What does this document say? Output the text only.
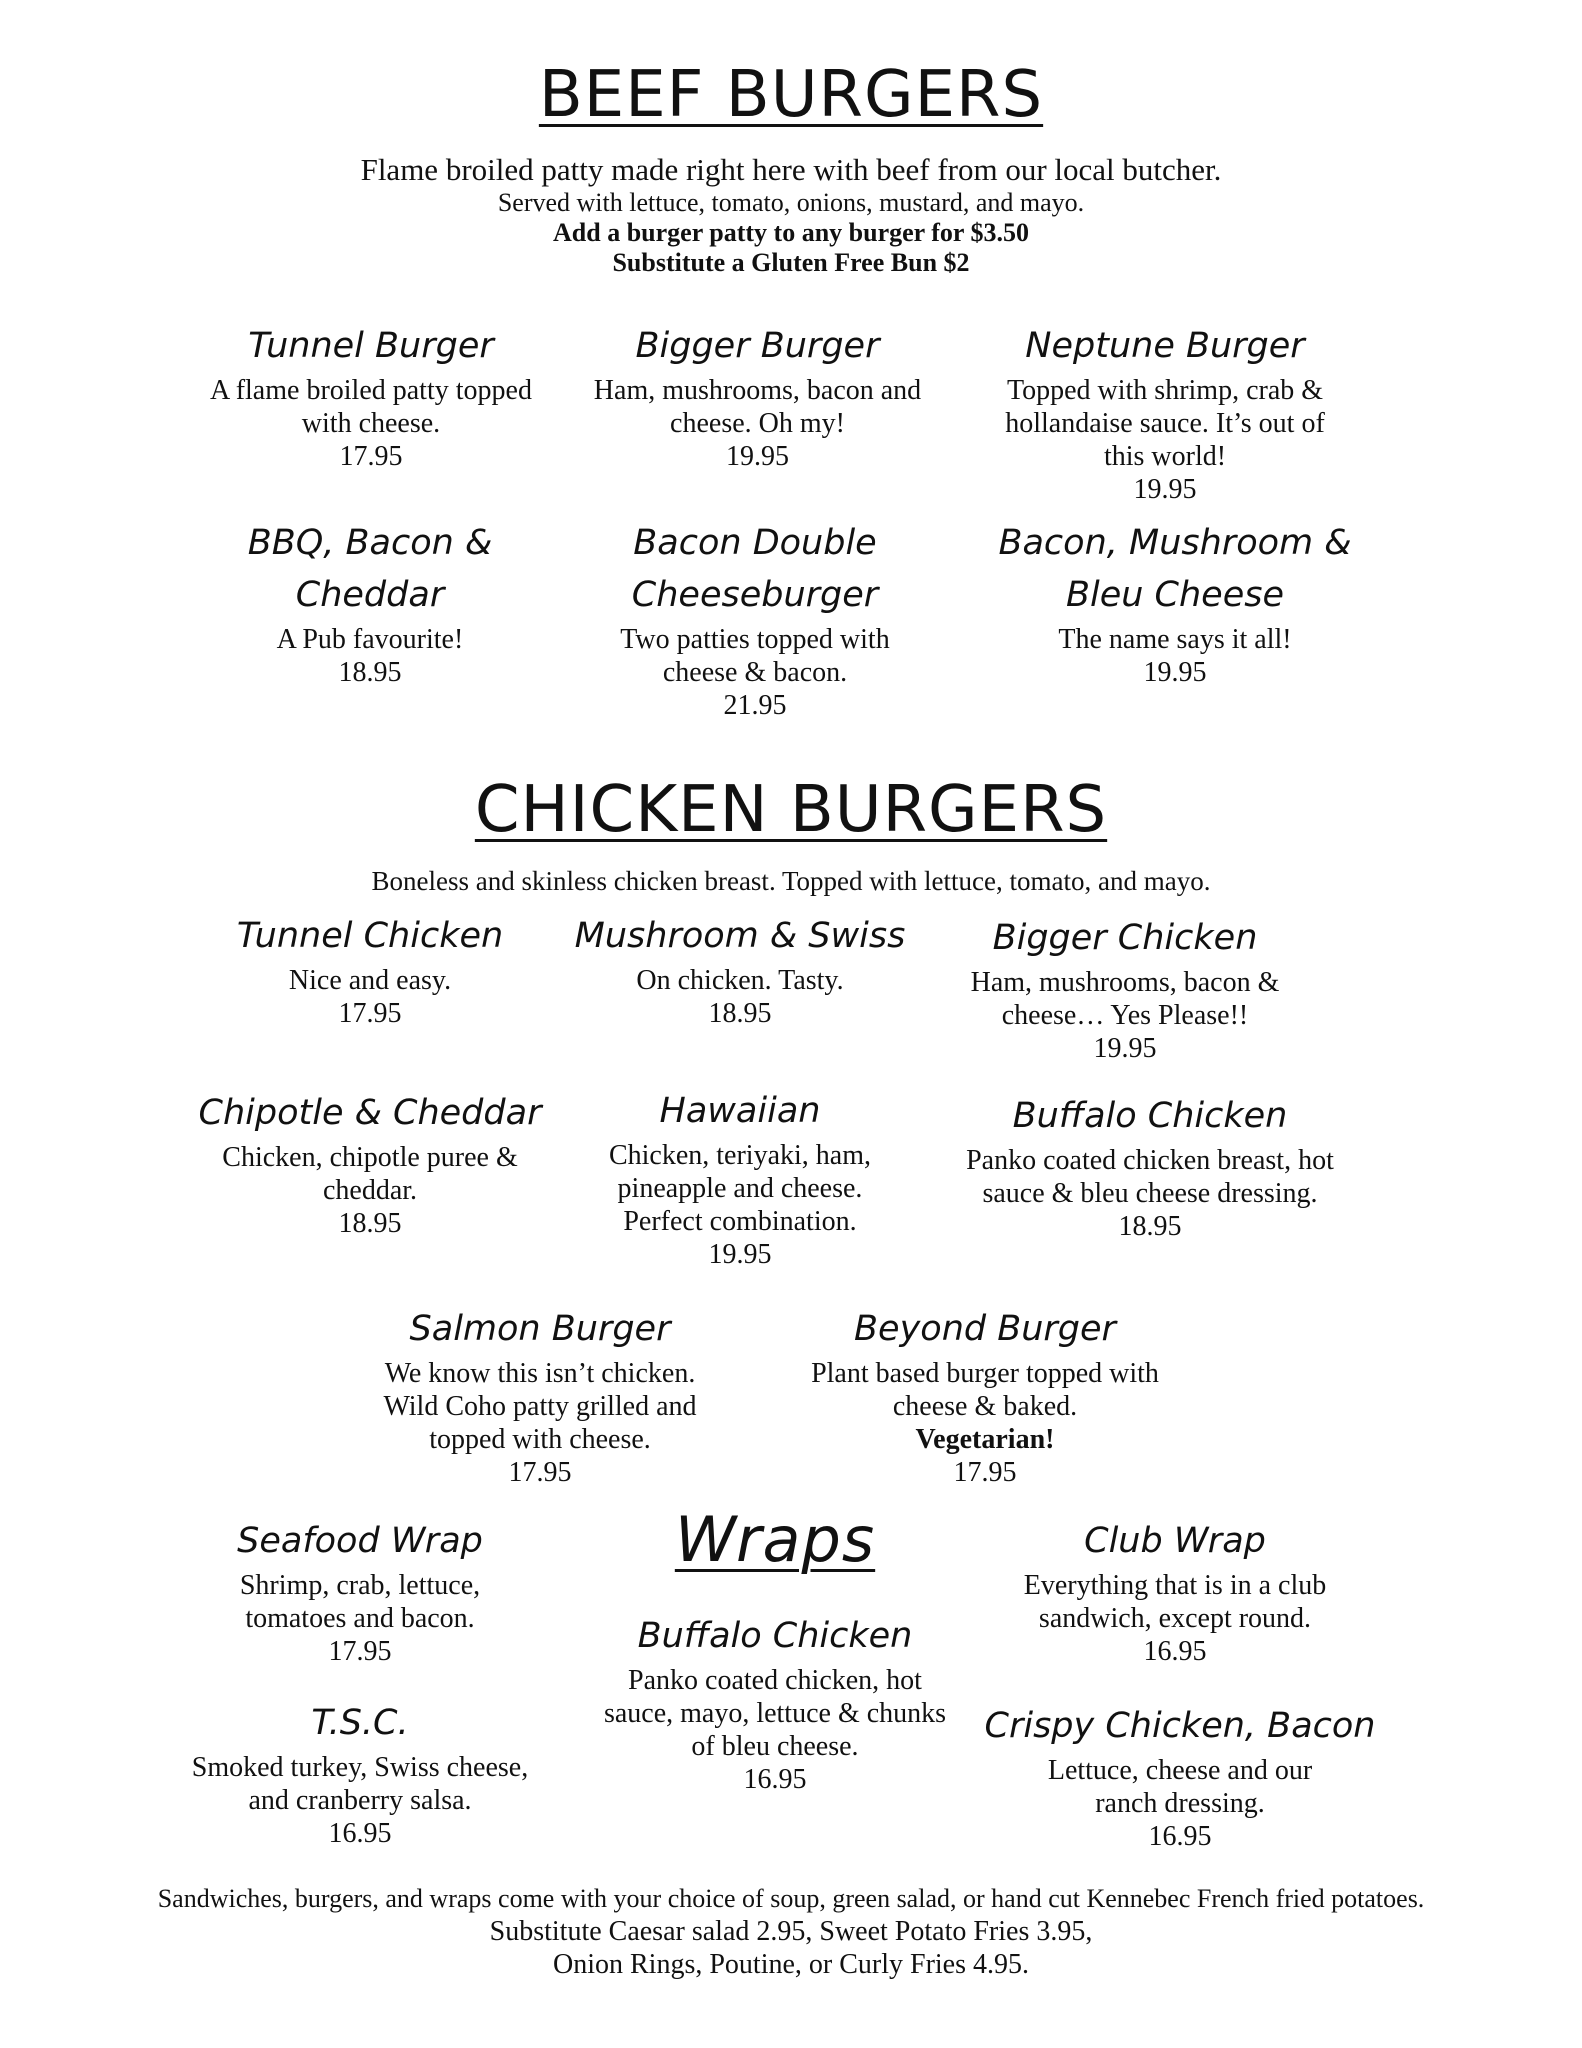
BEEF BURGERS
Flame broiled patty made right here with beef from our local butcher.
Served with lettuce, tomato, onions, mustard, and mayo.
Add a burger patty to any burger for $3.50
Substitute a Gluten Free Bun $2
Tunnel Burger
A flame broiled patty topped with cheese.
17.95
Bigger Burger
Ham, mushrooms, bacon and cheese. Oh my!
19.95
Neptune Burger
Topped with shrimp, crab & hollandaise sauce. It’s out of this world!
19.95
BBQ, Bacon & Cheddar
A Pub favourite!
18.95
Bacon Double Cheeseburger
Two patties topped with cheese & bacon.
21.95
Bacon, Mushroom & Bleu Cheese
The name says it all!
19.95
CHICKEN BURGERS
Boneless and skinless chicken breast. Topped with lettuce, tomato, and mayo.
Tunnel Chicken
Nice and easy.
17.95
Mushroom & Swiss
On chicken. Tasty.
18.95
Bigger Chicken
Ham, mushrooms, bacon & cheese… Yes Please!!
19.95
Chipotle & Cheddar
Chicken, chipotle puree & cheddar.
18.95
Hawaiian
Chicken, teriyaki, ham, pineapple and cheese. Perfect combination.
19.95
Buffalo Chicken
Panko coated chicken breast, hot sauce & bleu cheese dressing.
18.95
Salmon Burger
We know this isn’t chicken. Wild Coho patty grilled and topped with cheese.
17.95
Beyond Burger
Plant based burger topped with cheese & baked.
Vegetarian!
17.95
Wraps
Seafood Wrap
Shrimp, crab, lettuce, tomatoes and bacon.
17.95
Club Wrap
Everything that is in a club sandwich, except round.
16.95
Buffalo Chicken
Panko coated chicken, hot sauce, mayo, lettuce & chunks of bleu cheese.
16.95
T.S.C.
Smoked turkey, Swiss cheese, and cranberry salsa.
16.95
Crispy Chicken, Bacon
Lettuce, cheese and our ranch dressing.
16.95
Sandwiches, burgers, and wraps come with your choice of soup, green salad, or hand cut Kennebec French fried potatoes.
Substitute Caesar salad 2.95, Sweet Potato Fries 3.95,
Onion Rings, Poutine, or Curly Fries 4.95.
